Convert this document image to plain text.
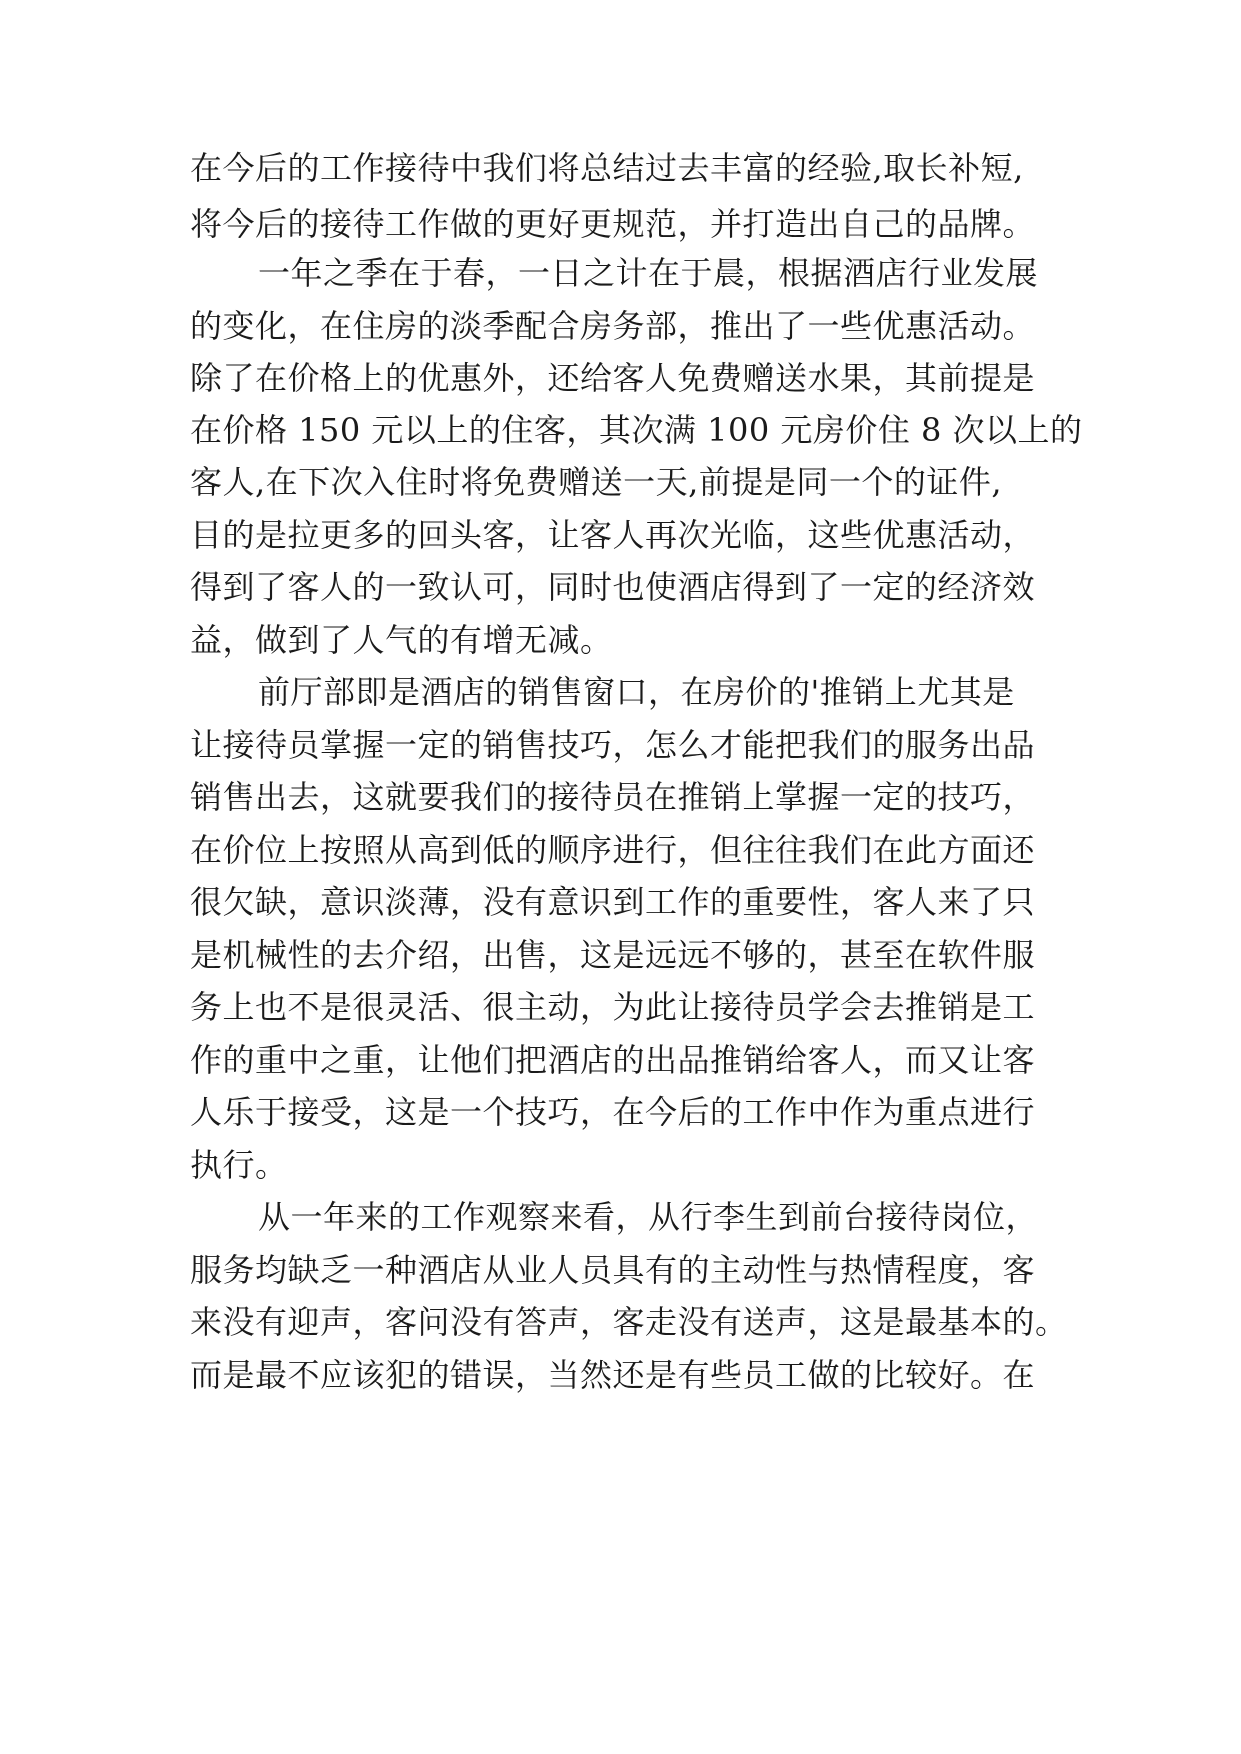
在今后的工作接待中我们将总结过去丰富的经验,取长补短,
将今后的接待工作做的更好更规范，并打造出自己的品牌。
一年之季在于春，一日之计在于晨，根据酒店行业发展
的变化，在住房的淡季配合房务部，推出了一些优惠活动。
除了在价格上的优惠外，还给客人免费赠送水果，其前提是
在价格 150 元以上的住客，其次满 100 元房价住 8 次以上的
客人,在下次入住时将免费赠送一天,前提是同一个的证件,
目的是拉更多的回头客，让客人再次光临，这些优惠活动，
得到了客人的一致认可，同时也使酒店得到了一定的经济效
益，做到了人气的有增无减。
前厅部即是酒店的销售窗口，在房价的'推销上尤其是
让接待员掌握一定的销售技巧，怎么才能把我们的服务出品
销售出去，这就要我们的接待员在推销上掌握一定的技巧，
在价位上按照从高到低的顺序进行，但往往我们在此方面还
很欠缺，意识淡薄，没有意识到工作的重要性，客人来了只
是机械性的去介绍，出售，这是远远不够的，甚至在软件服
务上也不是很灵活、很主动，为此让接待员学会去推销是工
作的重中之重，让他们把酒店的出品推销给客人，而又让客
人乐于接受，这是一个技巧，在今后的工作中作为重点进行
执行。
从一年来的工作观察来看，从行李生到前台接待岗位，
服务均缺乏一种酒店从业人员具有的主动性与热情程度，客
来没有迎声，客问没有答声，客走没有送声，这是最基本的。
而是最不应该犯的错误，当然还是有些员工做的比较好。在
